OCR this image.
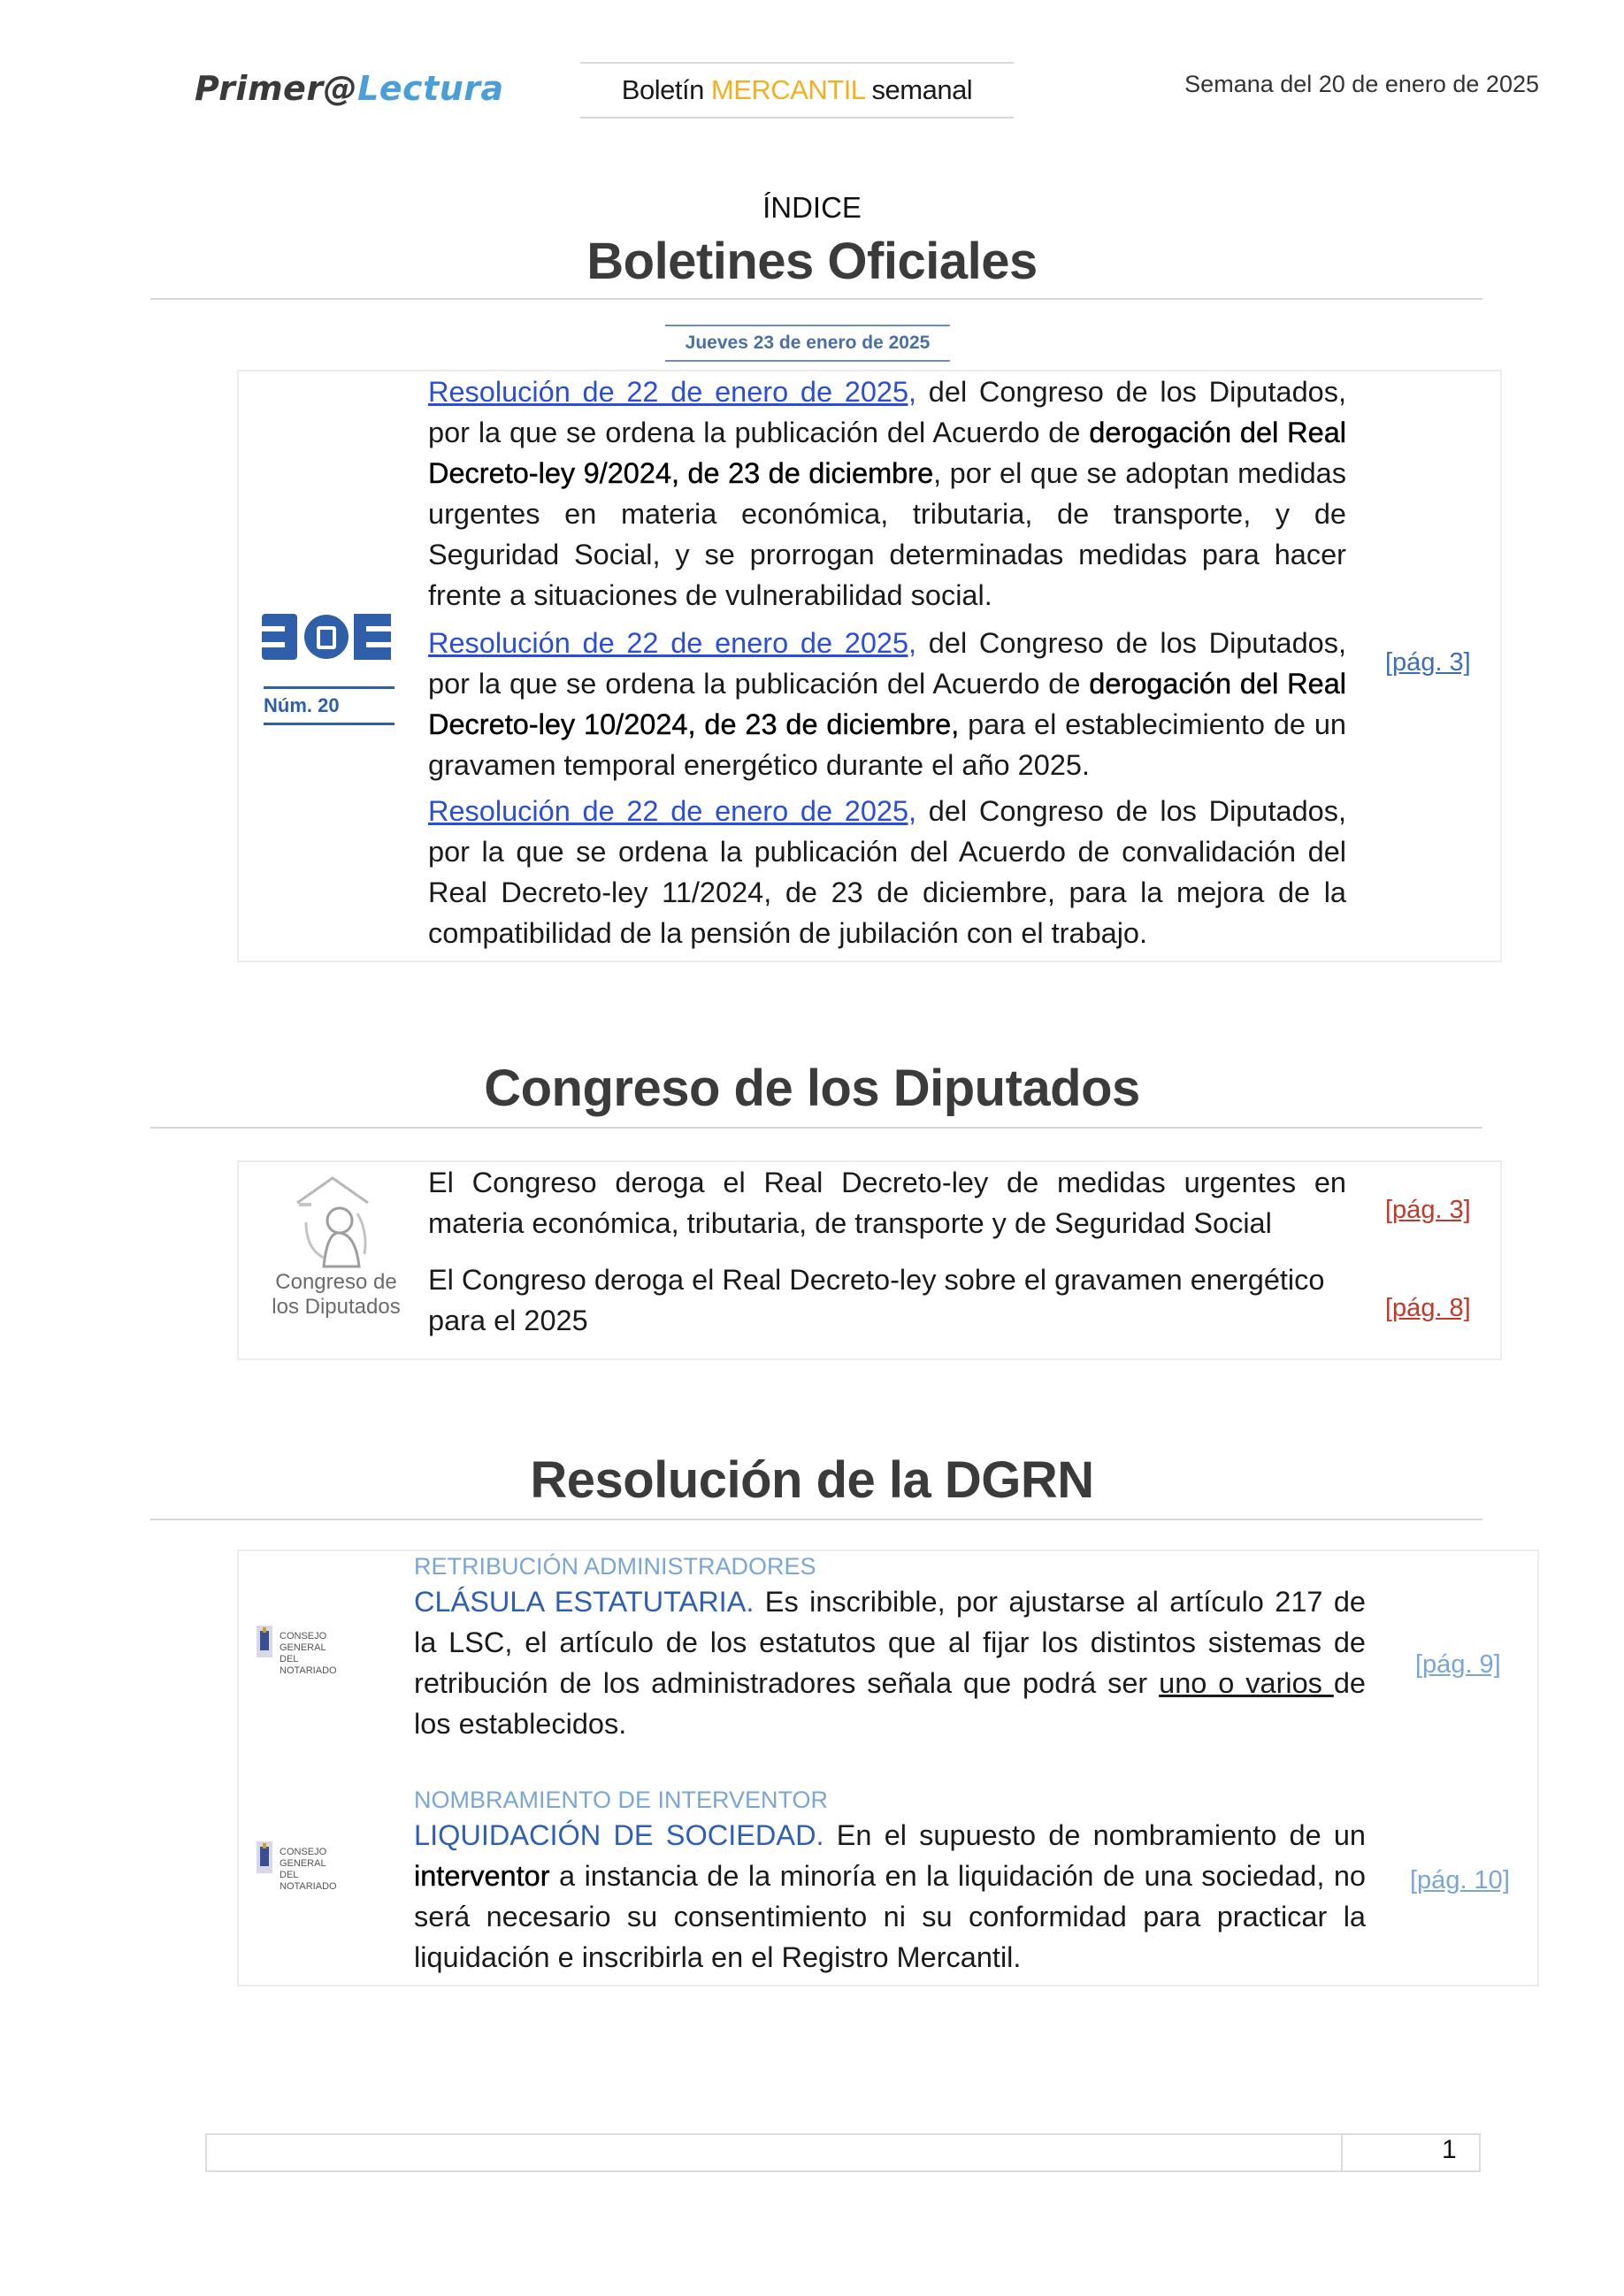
Primer@Lectura	Boletín MERCANTIL semanal	Semana del 20 de enero de 2025
ÍNDICE
Boletines Oficiales
Jueves 23 de enero de 2025
Núm. 20
Resolución de 22 de enero de 2025, del Congreso de los Diputados, por la que se ordena la publicación del Acuerdo de derogación del Real Decreto-ley 9/2024, de 23 de diciembre, por el que se adoptan medidas urgentes en materia económica, tributaria, de transporte, y de Seguridad Social, y se prorrogan determinadas medidas para hacer frente a situaciones de vulnerabilidad social.
Resolución de 22 de enero de 2025, del Congreso de los Diputados, por la que se ordena la publicación del Acuerdo de derogación del Real Decreto-ley 10/2024, de 23 de diciembre, para el establecimiento de un gravamen temporal energético durante el año 2025.
Resolución de 22 de enero de 2025, del Congreso de los Diputados, por la que se ordena la publicación del Acuerdo de convalidación del Real Decreto-ley 11/2024, de 23 de diciembre, para la mejora de la compatibilidad de la pensión de jubilación con el trabajo.
[pág. 3]
Congreso de los Diputados
Congreso de
los Diputados
El Congreso deroga el Real Decreto-ley de medidas urgentes en materia económica, tributaria, de transporte y de Seguridad Social
El Congreso deroga el Real Decreto-ley sobre el gravamen energético para el 2025
[pág. 3]
[pág. 8]
Resolución de la DGRN
CONSEJO GENERAL
DEL NOTARIADO
CONSEJO GENERAL
DEL NOTARIADO
RETRIBUCIÓN ADMINISTRADORES
CLÁSULA ESTATUTARIA. Es inscribible, por ajustarse al artículo 217 de la LSC, el artículo de los estatutos que al fijar los distintos sistemas de retribución de los administradores señala que podrá ser uno o varios de los establecidos.
[pág. 9]
NOMBRAMIENTO DE INTERVENTOR
LIQUIDACIÓN DE SOCIEDAD. En el supuesto de nombramiento de un interventor a instancia de la minoría en la liquidación de una sociedad, no será necesario su consentimiento ni su conformidad para practicar la liquidación e inscribirla en el Registro Mercantil.
[pág. 10]
1
